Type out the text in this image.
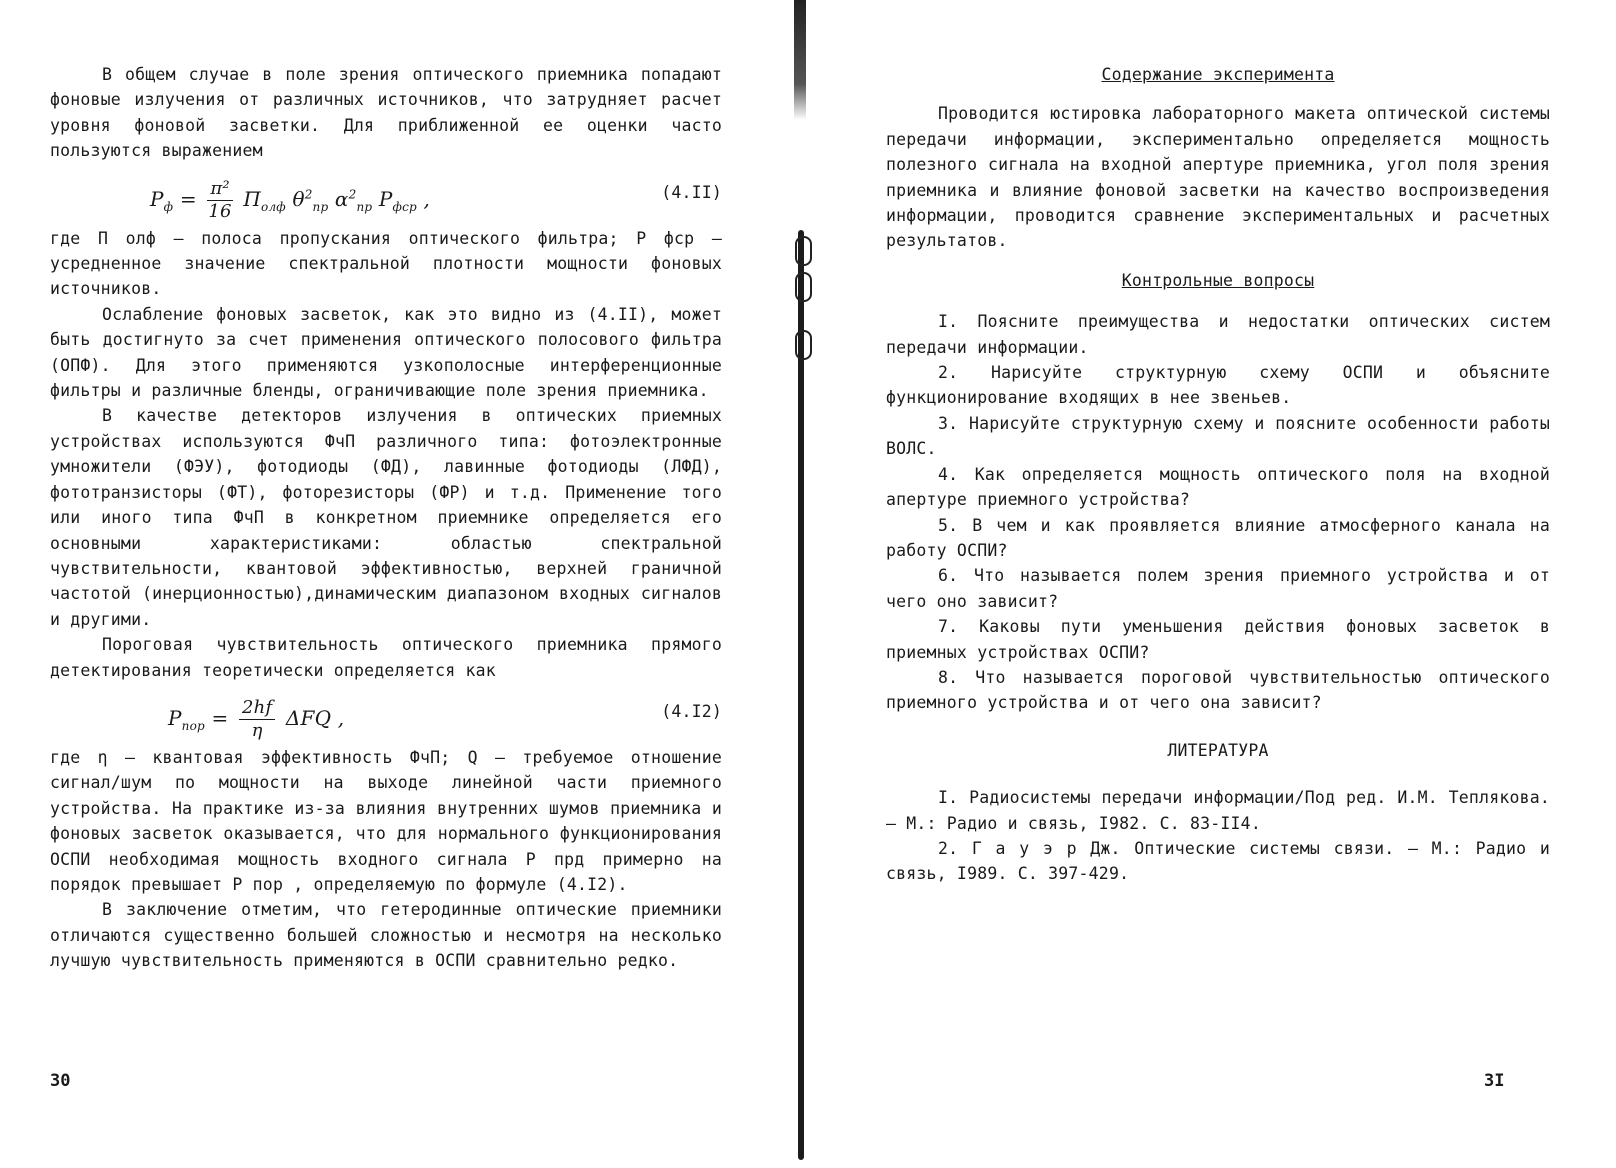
В общем случае в поле зрения оптического приемника попадают фоновые излучения от различных источников, что затрудняет расчет уровня фоновой засветки. Для приближенной ее оценки часто пользуются выражением

$P_ф = \frac{\text{π²}}{16} \Pi_{олф}$ $\theta^2_{пр}$ $\alpha^2_{пр}$ $P_{фср}$ ,	(4.II)

где Π олф – полоса пропускания оптического фильтра; P фср – усредненное значение спектральной плотности мощности фоновых источников.

Ослабление фоновых засветок, как это видно из (4.II), может быть достигнуто за счет применения оптического полосового фильтра (ОПФ). Для этого применяются узкополосные интерференционные фильтры и различные бленды, ограничивающие поле зрения приемника.

В качестве детекторов излучения в оптических приемных устройствах используются ФчП различного типа: фотоэлектронные умножители (ФЭУ), фотодиоды (ФД), лавинные фотодиоды (ЛФД), фототранзисторы (ФТ), фоторезисторы (ФР) и т.д. Применение того или иного типа ФчП в конкретном приемнике определяется его основными характеристиками: областью спектральной чувствительности, квантовой эффективностью, верхней граничной частотой (инерционностью),динамическим диапазоном входных сигналов и другими.

Пороговая чувствительность оптического приемника прямого детектирования теоретически определяется как

$P_{пор} = \frac{2hf}{\eta}$ ΔFQ ,	(4.I2)

где η – квантовая эффективность ФчП; Q – требуемое отношение сигнал/шум по мощности на выходе линейной части приемного устройства. На практике из-за влияния внутренних шумов приемника и фоновых засветок оказывается, что для нормального функционирования ОСПИ необходимая мощность входного сигнала P прд примерно на порядок превышает P пор , определяемую по формуле (4.I2).

В заключение отметим, что гетеродинные оптические приемники отличаются существенно большей сложностью и несмотря на несколько лучшую чувствительность применяются в ОСПИ сравнительно редко.

30

Содержание эксперимента

Проводится юстировка лабораторного макета оптической системы передачи информации, экспериментально определяется мощность полезного сигнала на входной апертуре приемника, угол поля зрения приемника и влияние фоновой засветки на качество воспроизведения информации, проводится сравнение экспериментальных и расчетных результатов.

Контрольные вопросы

I. Поясните преимущества и недостатки оптических систем передачи информации.

2. Нарисуйте структурную схему ОСПИ и объясните функционирование входящих в нее звеньев.

3. Нарисуйте структурную схему и поясните особенности работы ВОЛС.

4. Как определяется мощность оптического поля на входной апертуре приемного устройства?

5. В чем и как проявляется влияние атмосферного канала на работу ОСПИ?

6. Что называется полем зрения приемного устройства и от чего оно зависит?

7. Каковы пути уменьшения действия фоновых засветок в приемных устройствах ОСПИ?

8. Что называется пороговой чувствительностью оптического приемного устройства и от чего она зависит?

ЛИТЕРАТУРА

I. Радиосистемы передачи информации/Под ред. И.М. Теплякова. – М.: Радио и связь, I982. С. 83-II4.

2. Г а у э р Дж. Оптические системы связи. – М.: Радио и связь, I989. С. 397-429.

3I
